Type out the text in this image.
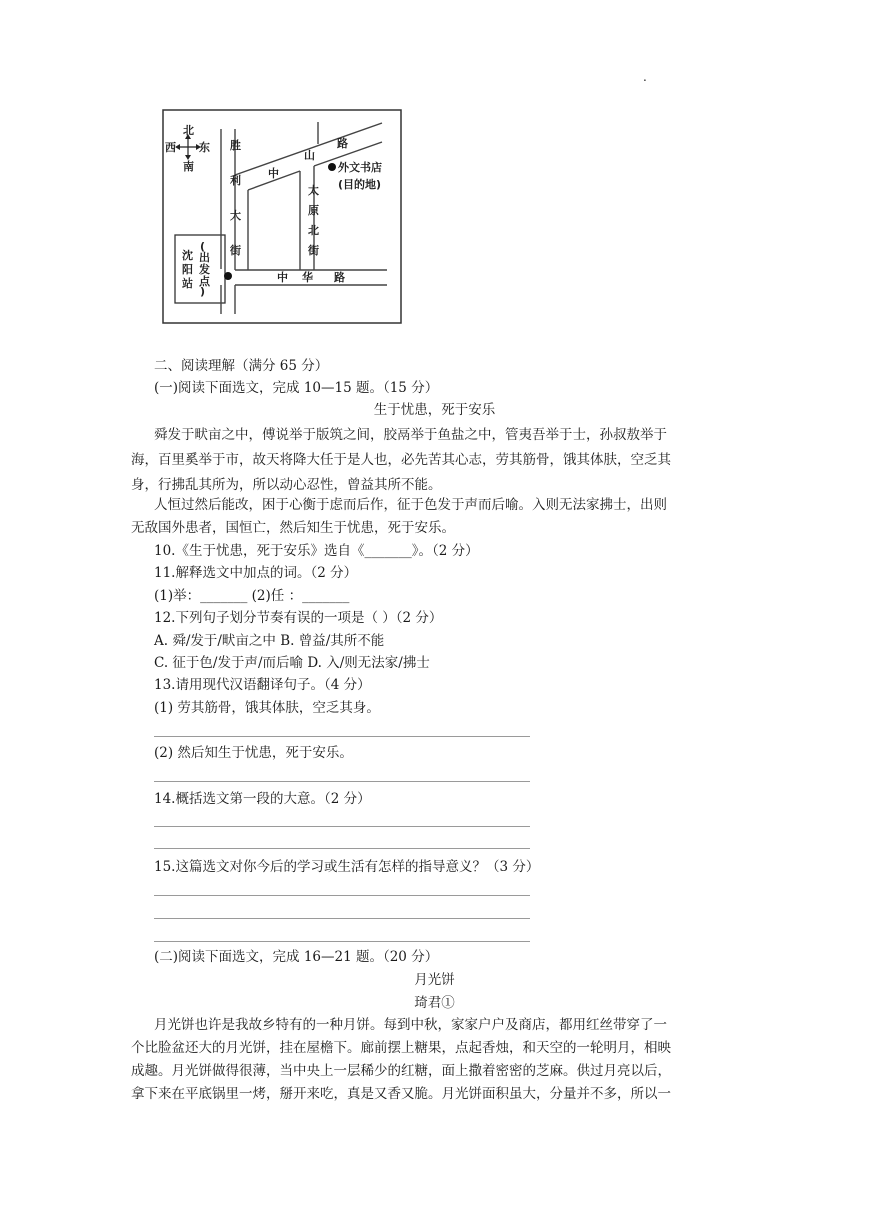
.
北
南
东
西	胜
利
大
街
中
山
路
太
原
北
街
中 华 路
外文书店
(目的地)
沈
阳
站
(
出
发
点
)
二、阅读理解（满分 65 分）
(一)阅读下面选文，完成 10—15 题。（15 分）
生于忧患，死于安乐
舜发于畎亩之中，傅说举于版筑之间，胶鬲举于鱼盐之中，管夷吾举于士，孙叔敖举于
海，百里奚举于市，故天将降大任于是人也，必先苦其心志，劳其筋骨，饿其体肤，空乏其
身，行拂乱其所为，所以动心忍性，曾益其所不能。
人恒过然后能改，困于心衡于虑而后作，征于色发于声而后喻。入则无法家拂士，出则
无敌国外患者，国恒亡，然后知生于忧患，死于安乐。
10.《生于忧患，死于安乐》选自《_______》。（2 分）
11.解释选文中加点的词。（2 分）
(1)举：_______ (2)任 ：_______
12.下列句子划分节奏有误的一项是（ ）（2 分）
A. 舜/发于/畎亩之中 B. 曾益/其所不能
C. 征于色/发于声/而后喻 D. 入/则无法家/拂士
13.请用现代汉语翻译句子。（4 分）
(1) 劳其筋骨，饿其体肤，空乏其身。
(2) 然后知生于忧患，死于安乐。
14.概括选文第一段的大意。（2 分）
15.这篇选文对你今后的学习或生活有怎样的指导意义？（3 分）
(二)阅读下面选文，完成 16—21 题。（20 分）
月光饼
琦君①
月光饼也许是我故乡特有的一种月饼。每到中秋，家家户户及商店，都用红丝带穿了一
个比脸盆还大的月光饼，挂在屋檐下。廊前摆上糖果，点起香烛，和天空的一轮明月，相映
成趣。月光饼做得很薄，当中央上一层稀少的红糖，面上撒着密密的芝麻。供过月亮以后，
拿下来在平底锅里一烤，掰开来吃，真是又香又脆。月光饼面积虽大，分量并不多，所以一
